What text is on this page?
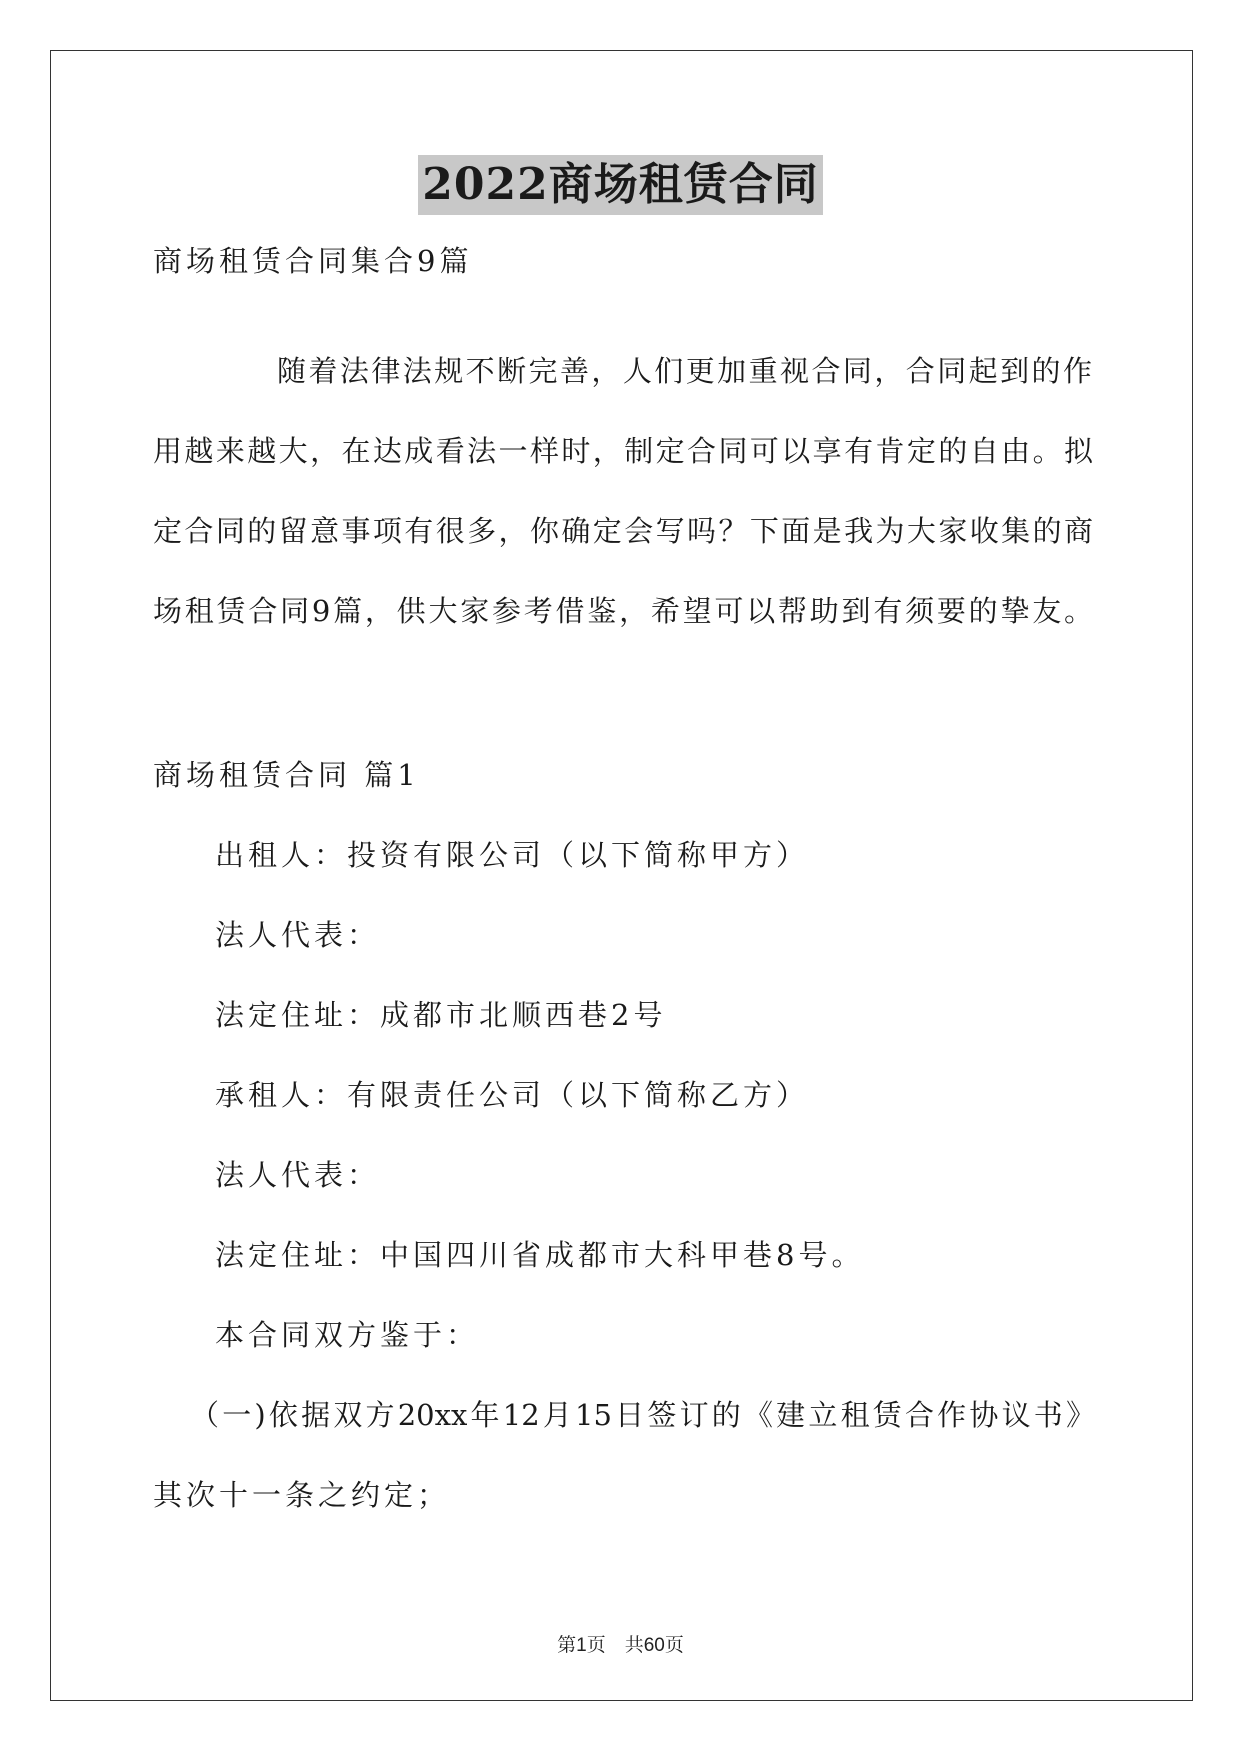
2022商场租赁合同
商场租赁合同集合9篇
随着法律法规不断完善，人们更加重视合同，合同起到的作
用越来越大，在达成看法一样时，制定合同可以享有肯定的自由。拟
定合同的留意事项有很多，你确定会写吗？下面是我为大家收集的商
场租赁合同9篇，供大家参考借鉴，希望可以帮助到有须要的挚友。
商场租赁合同 篇1
出租人：投资有限公司（以下简称甲方）
法人代表：
法定住址：成都市北顺西巷2号
承租人：有限责任公司（以下简称乙方）
法人代表：
法定住址：中国四川省成都市大科甲巷8号。
本合同双方鉴于：
（一)依据双方20xx年12月15日签订的《建立租赁合作协议书》
其次十一条之约定；
第1页　共60页
